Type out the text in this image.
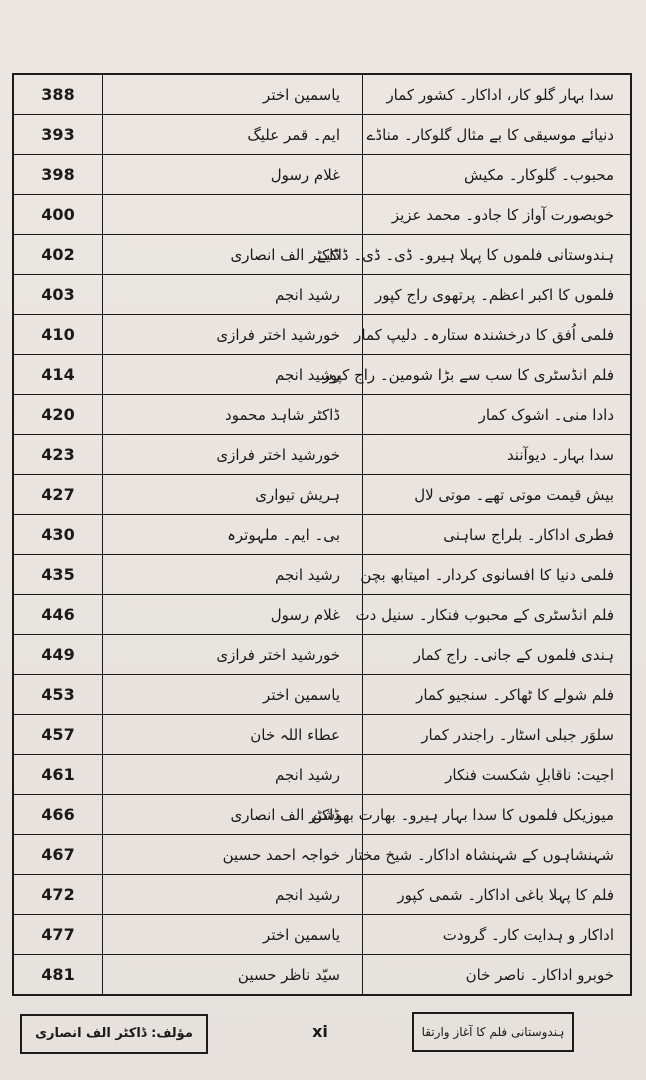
388	یاسمین اختر	سدا بہار گلو کار، اداکار۔ کشور کمار
393	ایم۔ قمر علیگ	دنیائے موسیقی کا بے مثال گلوکار۔ مناڈے
398	غلام رسول	محبوب۔ گلوکار۔ مکیش
400		خوبصورت آواز کا جادو۔ محمد عزیز
402	ڈاکٹر الف انصاری	ہندوستانی فلموں کا پہلا ہیرو۔ ڈی۔ ڈی۔ ڈاکیے
403	رشید انجم	فلموں کا اکبر اعظم۔ پرتھوی راج کپور
410	خورشید اختر فرازی	فلمی اُفق کا درخشندہ ستارہ۔ دلیپ کمار
414	رشید انجم	فلم انڈسٹری کا سب سے بڑا شومین۔ راج کپور
420	ڈاکٹر شاہد محمود	دادا منی۔ اشوک کمار
423	خورشید اختر فرازی	سدا بہار۔ دیوآنند
427	ہریش تیواری	بیش قیمت موتی تھے۔ موتی لال
430	بی۔ ایم۔ ملہوترہ	فطری اداکار۔ بلراج ساہنی
435	رشید انجم	فلمی دنیا کا افسانوی کردار۔ امیتابھ بچن
446	غلام رسول	فلم انڈسٹری کے محبوب فنکار۔ سنیل دت
449	خورشید اختر فرازی	ہندی فلموں کے جانی۔ راج کمار
453	یاسمین اختر	فلم شولے کا ٹھاکر۔ سنجیو کمار
457	عطاء اللہ خان	سلوَر جبلی اسٹار۔ راجندر کمار
461	رشید انجم	اجیت: ناقابلِ شکست فنکار
466	ڈاکٹر الف انصاری	میوزیکل فلموں کا سدا بہار ہیرو۔ بھارت بھوشن
467	خواجہ احمد حسین	شہنشاہوں کے شہنشاہ اداکار۔ شیخ مختار
472	رشید انجم	فلم کا پہلا باغی اداکار۔ شمی کپور
477	یاسمین اختر	اداکار و ہدایت کار۔ گرودت
481	سیّد ناظر حسین	خوبرو اداکار۔ ناصر خان
مؤلف: ڈاکٹر الف انصاری	xi	ہندوستانی فلم کا آغاز وارتقا
